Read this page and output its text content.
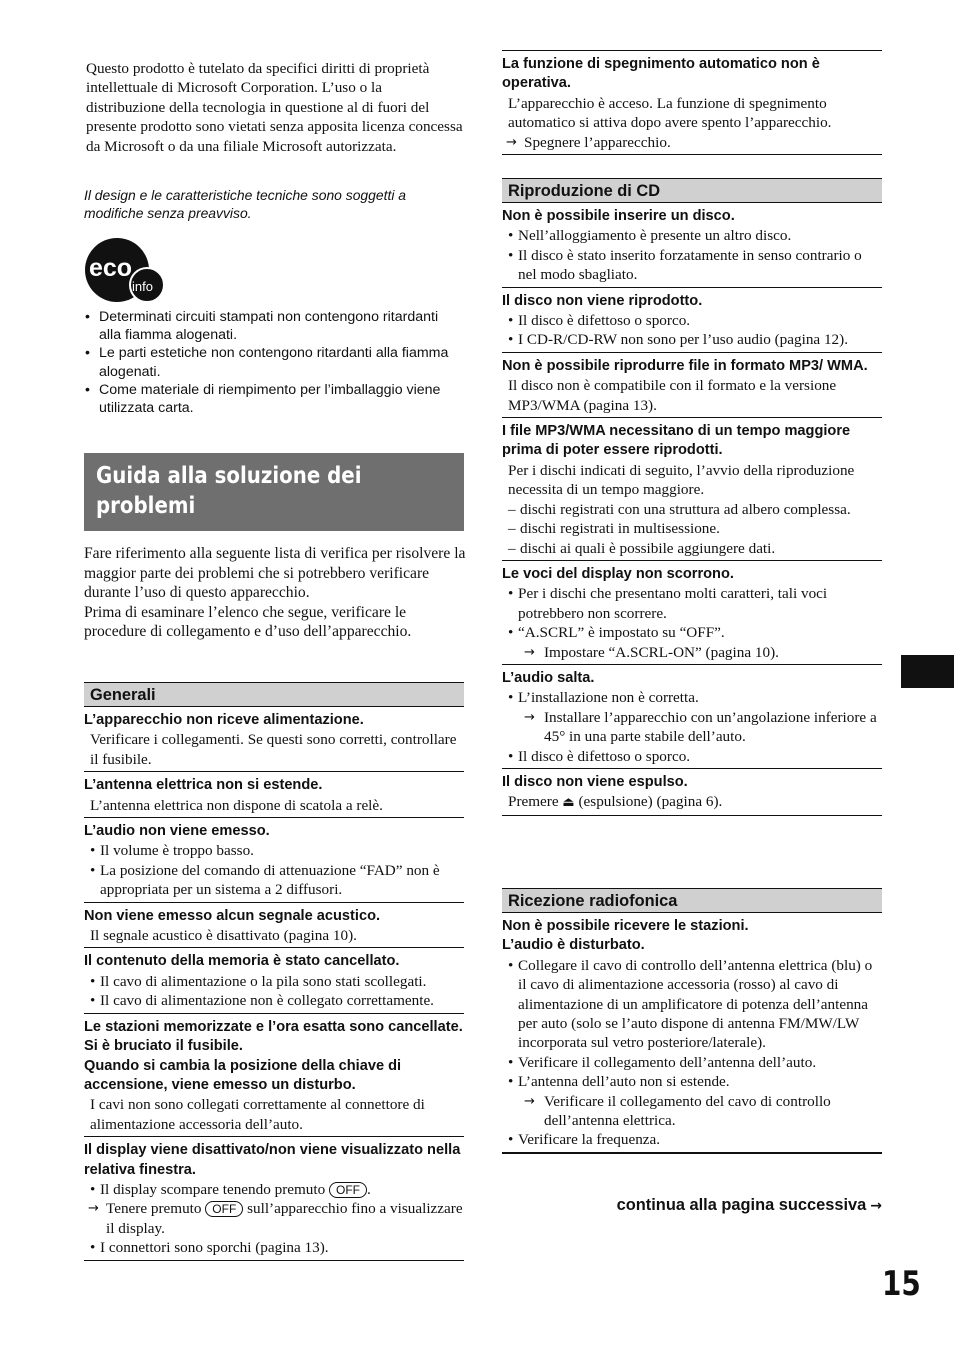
Questo prodotto è tutelato da specifici diritti di proprietà intellettuale di Microsoft Corporation. L’uso o la distribuzione della tecnologia in questione al di fuori del presente prodotto sono vietati senza apposita licenza concessa da Microsoft o da una filiale Microsoft autorizzata.

Il design e le caratteristiche tecniche sono soggetti a modifiche senza preavviso.

eco
info
• Determinati circuiti stampati non contengono ritardanti alla fiamma alogenati.
• Le parti estetiche non contengono ritardanti alla fiamma alogenati.
• Come materiale di riempimento per l’imballaggio viene utilizzata carta.
Guida alla soluzione dei
problemi

Fare riferimento alla seguente lista di verifica per risolvere la maggior parte dei problemi che si potrebbero verificare durante l’uso di questo apparecchio.

Prima di esaminare l’elenco che segue, verificare le procedure di collegamento e d’uso dell’apparecchio.

Generali
L’apparecchio non riceve alimentazione.
Verificare i collegamenti. Se questi sono corretti, controllare il fusibile.
L’antenna elettrica non si estende.
L’antenna elettrica non dispone di scatola a relè.
L’audio non viene emesso.
• Il volume è troppo basso.
• La posizione del comando di attenuazione “FAD” non è appropriata per un sistema a 2 diffusori.
Non viene emesso alcun segnale acustico.
Il segnale acustico è disattivato (pagina 10).
Il contenuto della memoria è stato cancellato.
• Il cavo di alimentazione o la pila sono stati scollegati.
• Il cavo di alimentazione non è collegato correttamente.
Le stazioni memorizzate e l’ora esatta sono cancellate.
Si è bruciato il fusibile.
Quando si cambia la posizione della chiave di accensione, viene emesso un disturbo.
I cavi non sono collegati correttamente al connettore di alimentazione accessoria dell’auto.
Il display viene disattivato/non viene visualizzato nella relativa finestra.
• Il display scompare tenendo premuto OFF .
→ Tenere premuto OFF sull’apparecchio fino a visualizzare il display.
• I connettori sono sporchi (pagina 13).
La funzione di spegnimento automatico non è operativa.
L’apparecchio è acceso. La funzione di spegnimento automatico si attiva dopo avere spento l’apparecchio.
→ Spegnere l’apparecchio.
Riproduzione di CD
Non è possibile inserire un disco.
• Nell’alloggiamento è presente un altro disco.
• Il disco è stato inserito forzatamente in senso contrario o nel modo sbagliato.
Il disco non viene riprodotto.
• Il disco è difettoso o sporco.
• I CD-R/CD-RW non sono per l’uso audio (pagina 12).
Non è possibile riprodurre file in formato MP3/ WMA.
Il disco non è compatibile con il formato e la versione MP3/WMA (pagina 13).
I file MP3/WMA necessitano di un tempo maggiore prima di poter essere riprodotti.
Per i dischi indicati di seguito, l’avvio della riproduzione necessita di un tempo maggiore.
– dischi registrati con una struttura ad albero complessa.
– dischi registrati in multisessione.
– dischi ai quali è possibile aggiungere dati.
Le voci del display non scorrono.
• Per i dischi che presentano molti caratteri, tali voci potrebbero non scorrere.
• “A.SCRL” è impostato su “OFF”.
→ Impostare “A.SCRL-ON” (pagina 10).
L’audio salta.
• L’installazione non è corretta.
→ Installare l’apparecchio con un’angolazione inferiore a 45° in una parte stabile dell’auto.
• Il disco è difettoso o sporco.
Il disco non viene espulso.
Premere ⏏ (espulsione) (pagina 6).
Ricezione radiofonica
Non è possibile ricevere le stazioni.
L’audio è disturbato.
• Collegare il cavo di controllo dell’antenna elettrica (blu) o il cavo di alimentazione accessoria (rosso) al cavo di alimentazione di un amplificatore di potenza dell’antenna per auto (solo se l’auto dispone di antenna FM/MW/LW incorporata sul vetro posteriore/laterale).
• Verificare il collegamento dell’antenna dell’auto.
• L’antenna dell’auto non si estende.
→ Verificare il collegamento del cavo di controllo dell’antenna elettrica.
• Verificare la frequenza.
continua alla pagina successiva →
15
